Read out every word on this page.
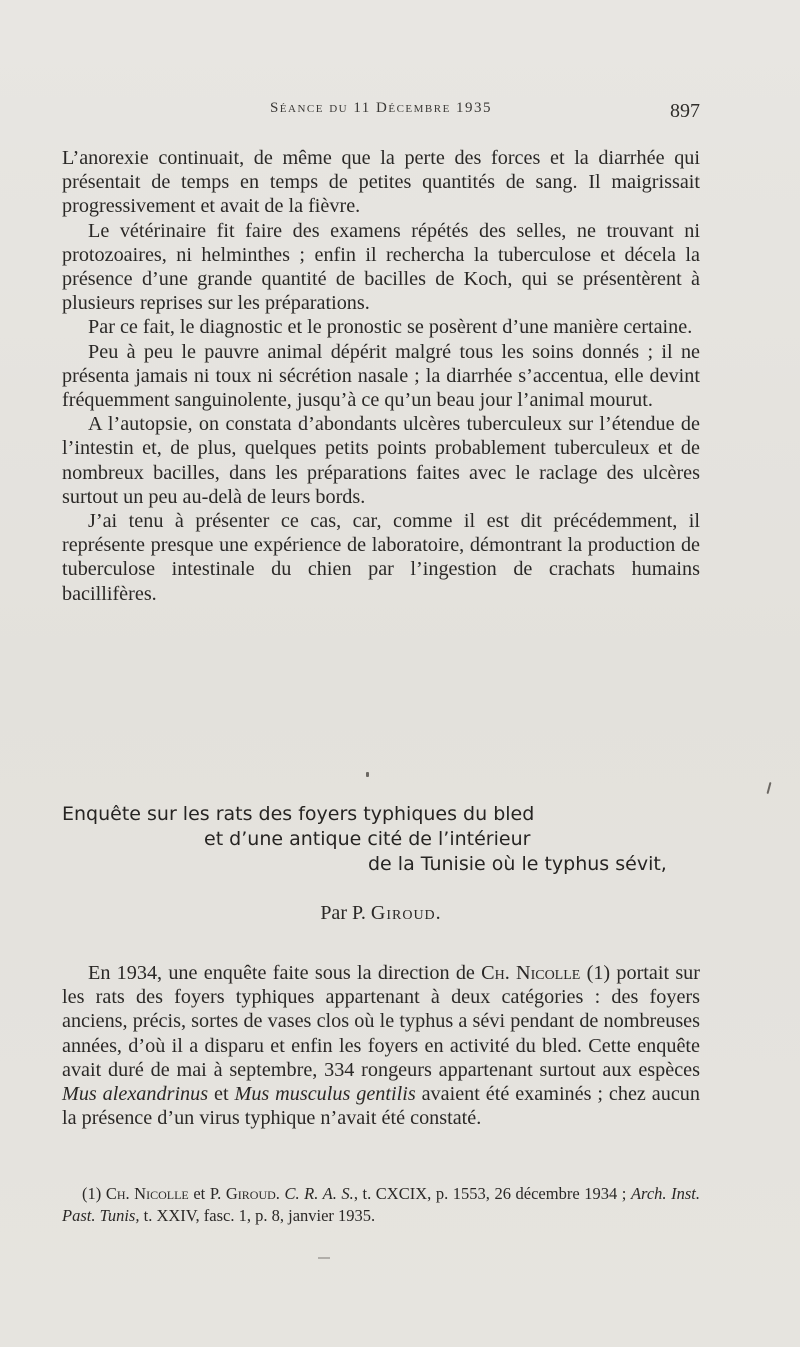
Séance du 11 Décembre 1935	897

L’anorexie continuait, de même que la perte des forces et la diarrhée qui présentait de temps en temps de petites quantités de sang. Il maigrissait progressivement et avait de la fièvre.

Le vétérinaire fit faire des examens répétés des selles, ne trouvant ni protozoaires, ni helminthes ; enfin il rechercha la tuberculose et décela la présence d’une grande quantité de bacilles de Koch, qui se présentèrent à plusieurs reprises sur les préparations.

Par ce fait, le diagnostic et le pronostic se posèrent d’une manière certaine.

Peu à peu le pauvre animal dépérit malgré tous les soins donnés ; il ne présenta jamais ni toux ni sécrétion nasale ; la diarrhée s’accentua, elle devint fréquemment sanguinolente, jusqu’à ce qu’un beau jour l’animal mourut.

A l’autopsie, on constata d’abondants ulcères tuberculeux sur l’étendue de l’intestin et, de plus, quelques petits points probablement tuberculeux et de nombreux bacilles, dans les préparations faites avec le raclage des ulcères surtout un peu au-delà de leurs bords.

J’ai tenu à présenter ce cas, car, comme il est dit précédemment, il représente presque une expérience de laboratoire, démontrant la production de tuberculose intestinale du chien par l’ingestion de crachats humains bacillifères.

Enquête sur les rats des foyers typhiques du bled
et d’une antique cité de l’intérieur
de la Tunisie où le typhus sévit,
Par P. Giroud.

En 1934, une enquête faite sous la direction de Ch. Nicolle (1) portait sur les rats des foyers typhiques appartenant à deux catégories : des foyers anciens, précis, sortes de vases clos où le typhus a sévi pendant de nombreuses années, d’où il a disparu et enfin les foyers en activité du bled. Cette enquête avait duré de mai à septembre, 334 rongeurs appartenant surtout aux espèces Mus alexandrinus et Mus musculus gentilis avaient été examinés ; chez aucun la présence d’un virus typhique n’avait été constaté.

(1) Ch. Nicolle et P. Giroud. C. R. A. S., t. CXCIX, p. 1553, 26 décembre 1934 ; Arch. Inst. Past. Tunis, t. XXIV, fasc. 1, p. 8, janvier 1935.
